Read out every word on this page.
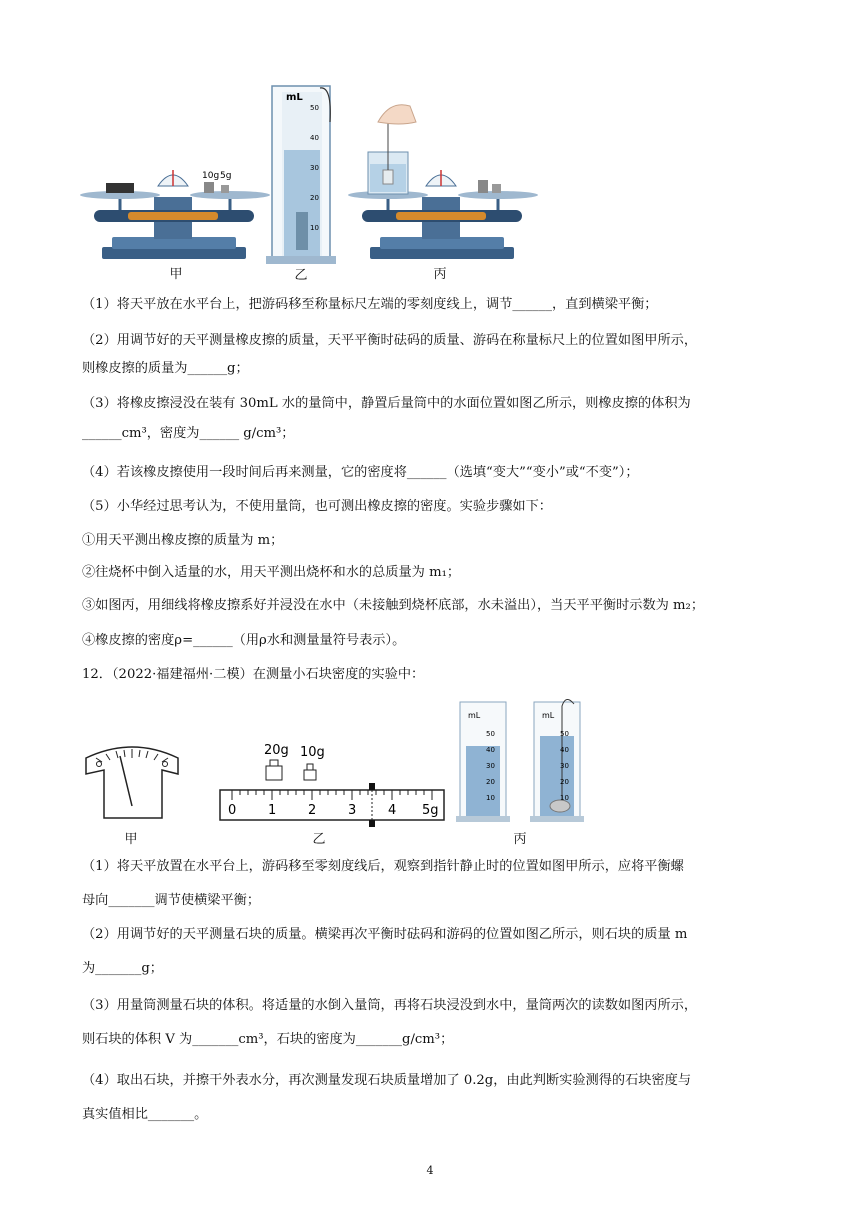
10g 5g
mL
50
40
30
20
10
甲	乙	丙
（1）将天平放在水平台上，把游码移至称量标尺左端的零刻度线上，调节______，直到横梁平衡；
（2）用调节好的天平测量橡皮擦的质量，天平平衡时砝码的质量、游码在称量标尺上的位置如图甲所示，
则橡皮擦的质量为______g；
（3）将橡皮擦浸没在装有 30mL 水的量筒中，静置后量筒中的水面位置如图乙所示，则橡皮擦的体积为
______cm³，密度为______ g/cm³；
（4）若该橡皮擦使用一段时间后再来测量，它的密度将______（选填“变大”“变小”或“不变”）；
（5）小华经过思考认为，不使用量筒，也可测出橡皮擦的密度。实验步骤如下：
①用天平测出橡皮擦的质量为 m；
②往烧杯中倒入适量的水，用天平测出烧杯和水的总质量为 m₁；
③如图丙，用细线将橡皮擦系好并浸没在水中（未接触到烧杯底部，水未溢出），当天平平衡时示数为 m₂；
④橡皮擦的密度ρ=______（用ρ水和测量量符号表示）。
12．（2022·福建福州·二模）在测量小石块密度的实验中：
20g 10g
0 1 2 3 4 5g
mL
50
40
30
20
10
mL
50
40
30
20
10
甲	乙	丙
（1）将天平放置在水平台上，游码移至零刻度线后，观察到指针静止时的位置如图甲所示，应将平衡螺
母向_______调节使横梁平衡；
（2）用调节好的天平测量石块的质量。横梁再次平衡时砝码和游码的位置如图乙所示，则石块的质量 m
为_______g；
（3）用量筒测量石块的体积。将适量的水倒入量筒，再将石块浸没到水中，量筒两次的读数如图丙所示，
则石块的体积 V 为_______cm³，石块的密度为_______g/cm³；
（4）取出石块，并擦干外表水分，再次测量发现石块质量增加了 0.2g，由此判断实验测得的石块密度与
真实值相比_______。
4
